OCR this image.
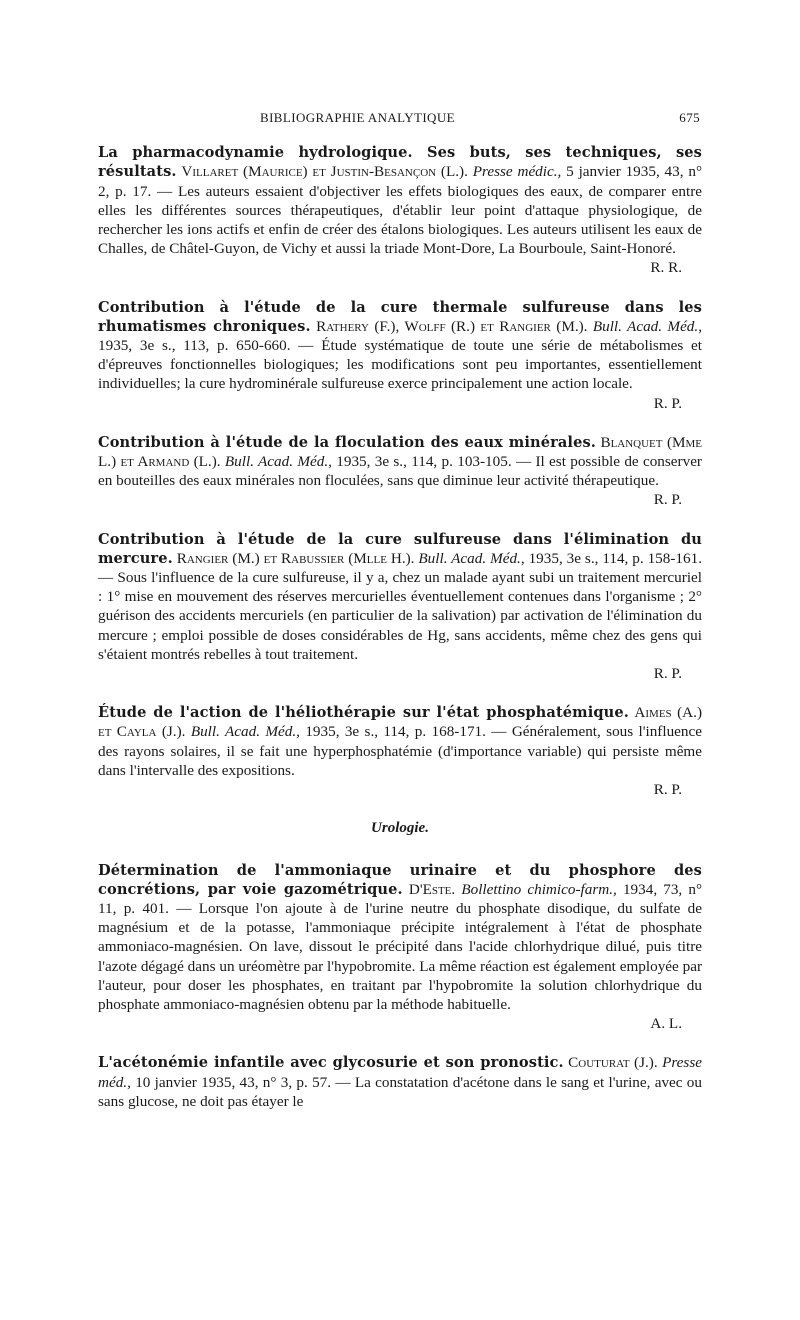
BIBLIOGRAPHIE ANALYTIQUE	675

La pharmacodynamie hydrologique. Ses buts, ses techniques, ses résultats. Villaret (Maurice) et Justin-Besançon (L.). Presse médic., 5 janvier 1935, 43, n° 2, p. 17. — Les auteurs essaient d'objectiver les effets biologiques des eaux, de comparer entre elles les différentes sources thérapeutiques, d'établir leur point d'attaque physiologique, de rechercher les ions actifs et enfin de créer des étalons biologiques. Les auteurs utilisent les eaux de Challes, de Châtel-Guyon, de Vichy et aussi la triade Mont-Dore, La Bourboule, Saint-Honoré.

R. R.

Contribution à l'étude de la cure thermale sulfureuse dans les rhumatismes chroniques. Rathery (F.), Wolff (R.) et Rangier (M.). Bull. Acad. Méd., 1935, 3e s., 113, p. 650-660. — Étude systématique de toute une série de métabolismes et d'épreuves fonctionnelles biologiques; les modifications sont peu importantes, essentiellement individuelles; la cure hydrominérale sulfureuse exerce principalement une action locale.

R. P.

Contribution à l'étude de la floculation des eaux minérales. Blanquet (Mme L.) et Armand (L.). Bull. Acad. Méd., 1935, 3e s., 114, p. 103-105. — Il est possible de conserver en bouteilles des eaux minérales non floculées, sans que diminue leur activité thérapeutique.

R. P.

Contribution à l'étude de la cure sulfureuse dans l'élimination du mercure. Rangier (M.) et Rabussier (Mlle H.). Bull. Acad. Méd., 1935, 3e s., 114, p. 158-161. — Sous l'influence de la cure sulfureuse, il y a, chez un malade ayant subi un traitement mercuriel : 1° mise en mouvement des réserves mercurielles éventuellement contenues dans l'organisme ; 2° guérison des accidents mercuriels (en particulier de la salivation) par activation de l'élimination du mercure ; emploi possible de doses considérables de Hg, sans accidents, même chez des gens qui s'étaient montrés rebelles à tout traitement.

R. P.

Étude de l'action de l'héliothérapie sur l'état phosphatémique. Aimes (A.) et Cayla (J.). Bull. Acad. Méd., 1935, 3e s., 114, p. 168-171. — Généralement, sous l'influence des rayons solaires, il se fait une hyperphosphatémie (d'importance variable) qui persiste même dans l'intervalle des expositions.

R. P.
Urologie.

Détermination de l'ammoniaque urinaire et du phosphore des concrétions, par voie gazométrique. D'Este. Bollettino chimico-farm., 1934, 73, n° 11, p. 401. — Lorsque l'on ajoute à de l'urine neutre du phosphate disodique, du sulfate de magnésium et de la potasse, l'ammoniaque précipite intégralement à l'état de phosphate ammoniaco-magnésien. On lave, dissout le précipité dans l'acide chlorhydrique dilué, puis titre l'azote dégagé dans un uréomètre par l'hypobromite. La même réaction est également employée par l'auteur, pour doser les phosphates, en traitant par l'hypobromite la solution chlorhydrique du phosphate ammoniaco-magnésien obtenu par la méthode habituelle.

A. L.

L'acétonémie infantile avec glycosurie et son pronostic. Couturat (J.). Presse méd., 10 janvier 1935, 43, n° 3, p. 57. — La constatation d'acétone dans le sang et l'urine, avec ou sans glucose, ne doit pas étayer le
